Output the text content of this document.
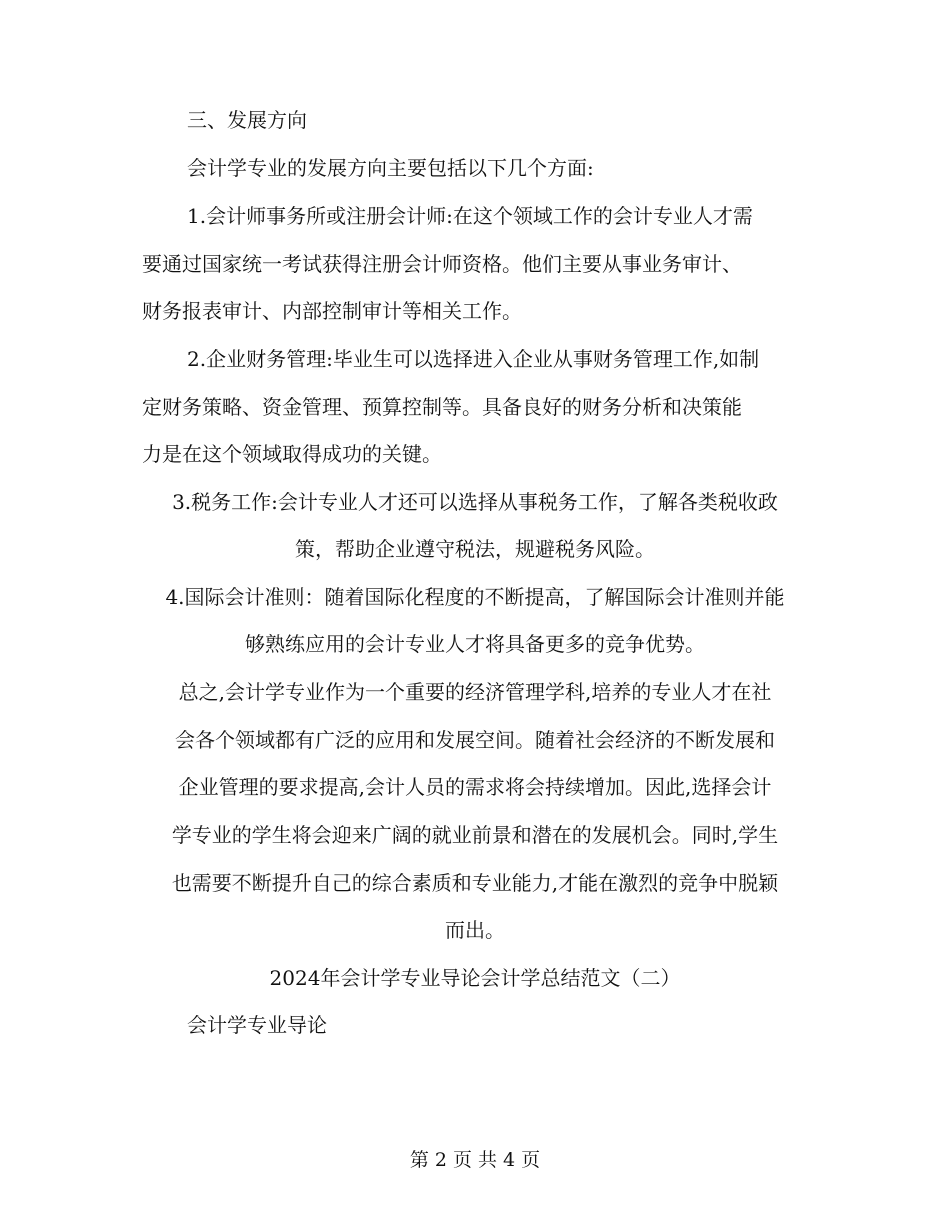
三、发展方向
会计学专业的发展方向主要包括以下几个方面:
1.会计师事务所或注册会计师:在这个领域工作的会计专业人才需
要通过国家统一考试获得注册会计师资格。他们主要从事业务审计、
财务报表审计、内部控制审计等相关工作。
2.企业财务管理:毕业生可以选择进入企业从事财务管理工作,如制
定财务策略、资金管理、预算控制等。具备良好的财务分析和决策能
力是在这个领域取得成功的关键。
3.税务工作:会计专业人才还可以选择从事税务工作，了解各类税收政
策，帮助企业遵守税法，规避税务风险。
4.国际会计准则：随着国际化程度的不断提高，了解国际会计准则并能
够熟练应用的会计专业人才将具备更多的竞争优势。
总之,会计学专业作为一个重要的经济管理学科,培养的专业人才在社
会各个领域都有广泛的应用和发展空间。随着社会经济的不断发展和
企业管理的要求提高,会计人员的需求将会持续增加。因此,选择会计
学专业的学生将会迎来广阔的就业前景和潜在的发展机会。同时,学生
也需要不断提升自己的综合素质和专业能力,才能在激烈的竞争中脱颖
而出。
2024年会计学专业导论会计学总结范文（二）
会计学专业导论
第 2 页 共 4 页
